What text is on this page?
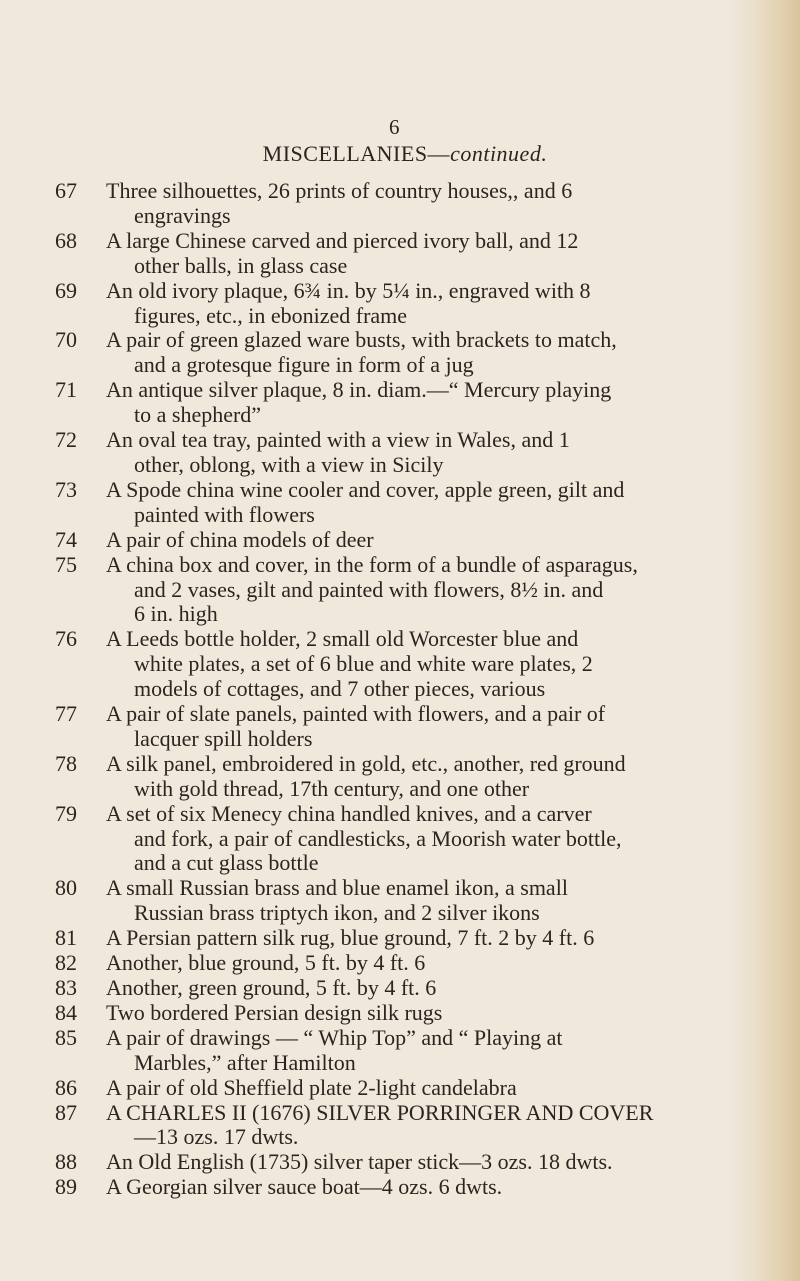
6
MISCELLANIES—continued.
67	Three silhouettes, 26 prints of country houses,, and 6
engravings
68	A large Chinese carved and pierced ivory ball, and 12
other balls, in glass case
69	An old ivory plaque, 6¾ in. by 5¼ in., engraved with 8
figures, etc., in ebonized frame
70	A pair of green glazed ware busts, with brackets to match,
and a grotesque figure in form of a jug
71	An antique silver plaque, 8 in. diam.—“ Mercury playing
to a shepherd”
72	An oval tea tray, painted with a view in Wales, and 1
other, oblong, with a view in Sicily
73	A Spode china wine cooler and cover, apple green, gilt and
painted with flowers
74	A pair of china models of deer
75	A china box and cover, in the form of a bundle of asparagus,
and 2 vases, gilt and painted with flowers, 8½ in. and
6 in. high
76	A Leeds bottle holder, 2 small old Worcester blue and
white plates, a set of 6 blue and white ware plates, 2
models of cottages, and 7 other pieces, various
77	A pair of slate panels, painted with flowers, and a pair of
lacquer spill holders
78	A silk panel, embroidered in gold, etc., another, red ground
with gold thread, 17th century, and one other
79	A set of six Menecy china handled knives, and a carver
and fork, a pair of candlesticks, a Moorish water bottle,
and a cut glass bottle
80	A small Russian brass and blue enamel ikon, a small
Russian brass triptych ikon, and 2 silver ikons
81	A Persian pattern silk rug, blue ground, 7 ft. 2 by 4 ft. 6
82	Another, blue ground, 5 ft. by 4 ft. 6
83	Another, green ground, 5 ft. by 4 ft. 6
84	Two bordered Persian design silk rugs
85	A pair of drawings — “ Whip Top” and “ Playing at
Marbles,” after Hamilton
86	A pair of old Sheffield plate 2-light candelabra
87	A CHARLES II (1676) SILVER PORRINGER AND COVER
—13 ozs. 17 dwts.
88	An Old English (1735) silver taper stick—3 ozs. 18 dwts.
89	A Georgian silver sauce boat—4 ozs. 6 dwts.
